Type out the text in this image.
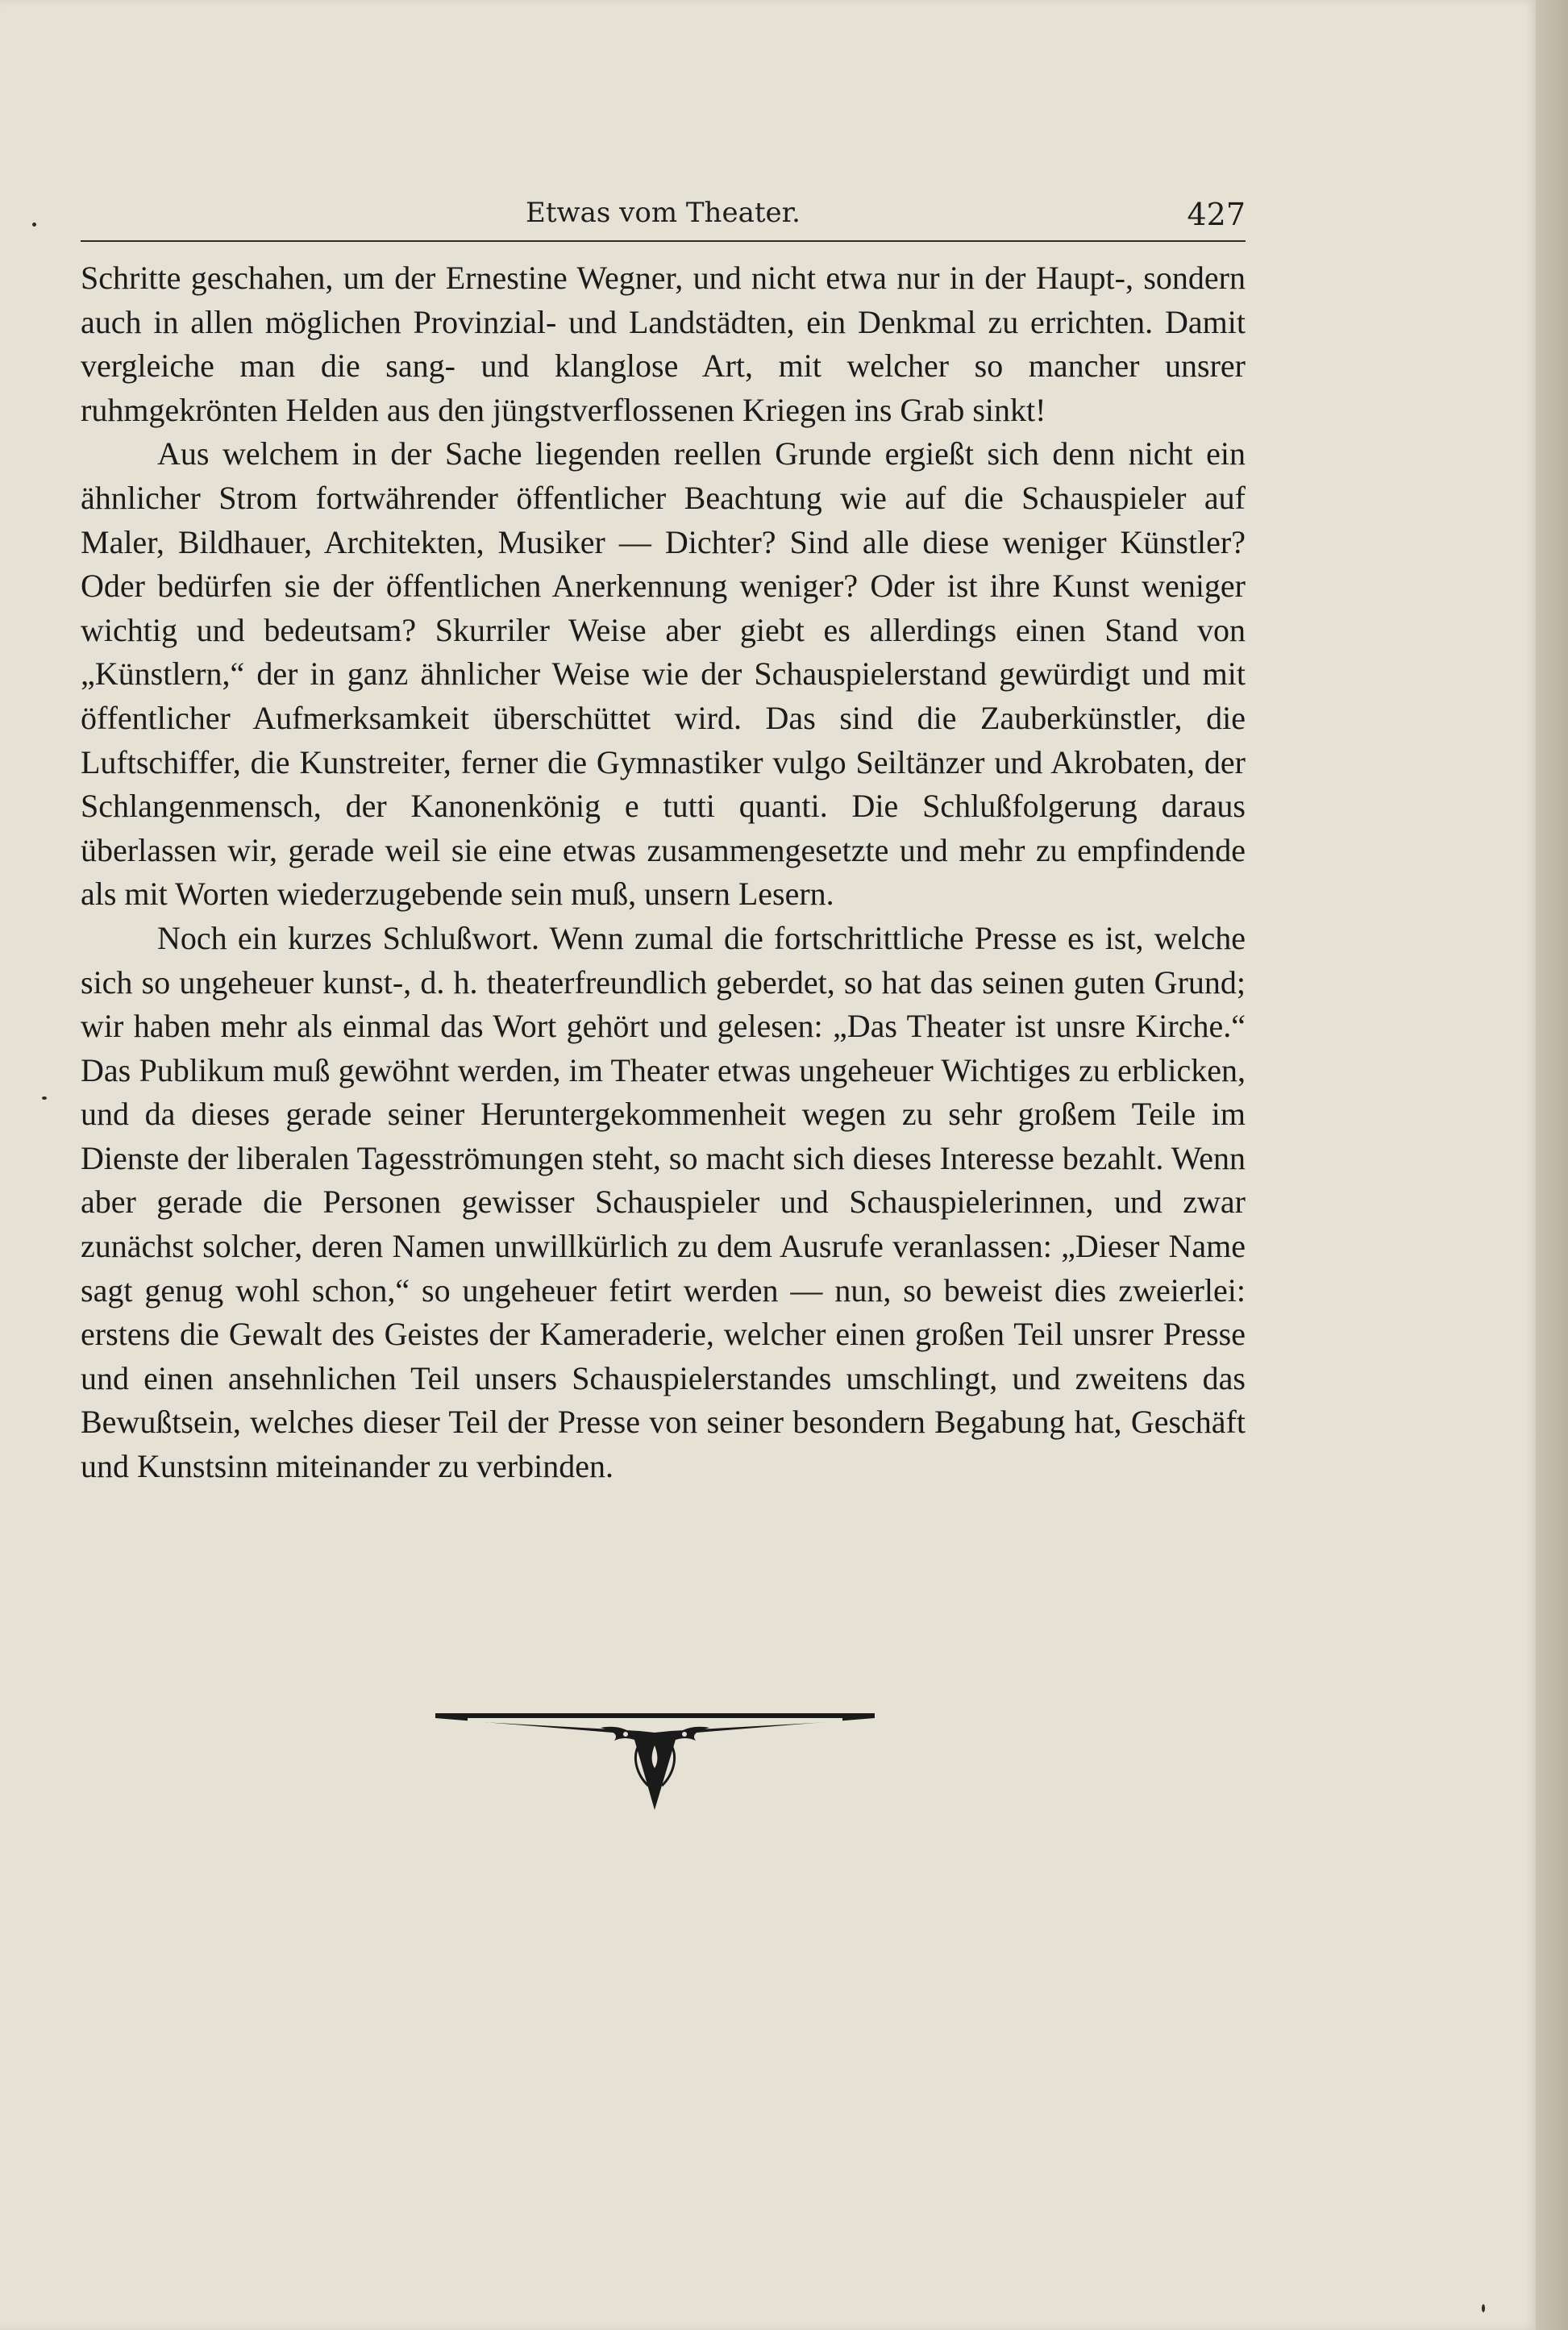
Etwas vom Theater.	427

Schritte geschahen, um der Ernestine Wegner, und nicht etwa nur in der Haupt-, sondern auch in allen möglichen Provinzial- und Landstädten, ein Denkmal zu errichten. Damit vergleiche man die sang- und klanglose Art, mit welcher so mancher unsrer ruhmgekrönten Helden aus den jüngstverflossenen Kriegen ins Grab sinkt!

Aus welchem in der Sache liegenden reellen Grunde ergießt sich denn nicht ein ähnlicher Strom fortwährender öffentlicher Beachtung wie auf die Schauspieler auf Maler, Bildhauer, Architekten, Musiker — Dichter? Sind alle diese weniger Künstler? Oder bedürfen sie der öffentlichen Anerkennung weniger? Oder ist ihre Kunst weniger wichtig und bedeutsam? Skurriler Weise aber giebt es allerdings einen Stand von „Künstlern,“ der in ganz ähnlicher Weise wie der Schauspielerstand gewürdigt und mit öffentlicher Aufmerksamkeit überschüttet wird. Das sind die Zauberkünstler, die Luftschiffer, die Kunstreiter, ferner die Gymnastiker vulgo Seiltänzer und Akrobaten, der Schlangenmensch, der Kanonenkönig e tutti quanti. Die Schlußfolgerung daraus überlassen wir, gerade weil sie eine etwas zusammengesetzte und mehr zu empfindende als mit Worten wiederzugebende sein muß, unsern Lesern.

Noch ein kurzes Schlußwort. Wenn zumal die fortschrittliche Presse es ist, welche sich so ungeheuer kunst-, d. h. theaterfreundlich geberdet, so hat das seinen guten Grund; wir haben mehr als einmal das Wort gehört und gelesen: „Das Theater ist unsre Kirche.“ Das Publikum muß gewöhnt werden, im Theater etwas ungeheuer Wichtiges zu erblicken, und da dieses gerade seiner Heruntergekommenheit wegen zu sehr großem Teile im Dienste der liberalen Tagesströmungen steht, so macht sich dieses Interesse bezahlt. Wenn aber gerade die Personen gewisser Schauspieler und Schauspielerinnen, und zwar zunächst solcher, deren Namen unwillkürlich zu dem Ausrufe veranlassen: „Dieser Name sagt genug wohl schon,“ so ungeheuer fetirt werden — nun, so beweist dies zweierlei: erstens die Gewalt des Geistes der Kameraderie, welcher einen großen Teil unsrer Presse und einen ansehnlichen Teil unsers Schauspielerstandes umschlingt, und zweitens das Bewußtsein, welches dieser Teil der Presse von seiner besondern Begabung hat, Geschäft und Kunstsinn miteinander zu verbinden.
